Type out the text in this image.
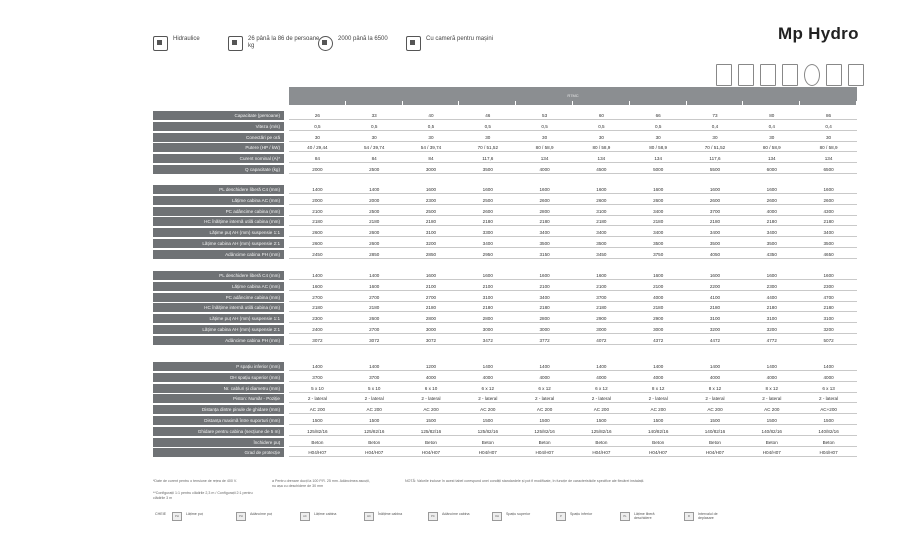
Hidraulice	26 până la 86 de persoane
kg
2000 până la 6500	Cu cameră pentru mașini	Mp Hydro
R7MC
Capacitate (persoane)	26	33	40	46	53	60	66	73	80	86
Viteza (m/s)	0,5	0,5	0,5	0,5	0,5	0,5	0,5	0,4	0,4	0,4
Conectări pe oră	30	30	30	30	30	30	30	30	30	30
Putere (HP / kW)	40 / 29,44	54 / 39,74	54 / 39,74	70 / 51,52	80 / 58,9	80 / 58,9	80 / 58,9	70 / 51,52	80 / 58,9	80 / 58,9
Curent nominal (A)*	84	84	84	117,6	134	134	134	117,6	134	134
Q capacitate (kg)	2000	2500	3000	3500	4000	4500	5000	5500	6000	6500
PL deschidere liberă C4 (mm)	1400	1400	1600	1600	1600	1600	1600	1600	1600	1600
Lățime cabina AC (mm)	2000	2000	2300	2500	2600	2600	2600	2600	2600	2600
PC adâncime cabina (mm)	2100	2500	2500	2600	2800	3100	3400	3700	4000	4300
HC înălțime internă utilă cabina (mm)	2180	2180	2180	2180	2180	2180	2180	2180	2180	2180
Lățime puț AH (mm) suspensie 1:1	2600	2600	3100	3300	3400	3400	3400	3400	3400	3400
Lățime cabina AH (mm) suspensie 2:1	2600	2600	3200	3400	3500	3500	3500	3500	3500	3500
Adâncime cabina PH (mm)	2450	2850	2850	2950	3150	3450	3750	4050	4350	4650
PL deschidere liberă C4 (mm)	1400	1400	1600	1600	1600	1600	1600	1600	1600	1600
Lățime cabina AC (mm)	1600	1600	2100	2100	2100	2100	2100	2200	2300	2300
PC adâncime cabina (mm)	2700	2700	2700	3100	3400	3700	4000	4100	4400	4700
HC înălțime internă utilă cabina (mm)	2180	2180	2180	2180	2180	2180	2180	2180	2180	2180
Lățime puț AH (mm) suspensie 1:1	2300	2600	2800	2800	2800	2900	2900	3100	3100	3100
Lățime cabina AH (mm) suspensie 2:1	2400	2700	3000	3000	3000	3000	3000	3200	3200	3200
Adâncime cabina PH (mm)	3072	3072	3072	3472	3772	4072	4372	4472	4772	5072
P spațiu inferior (mm)	1400	1400	1200	1400	1400	1400	1400	1400	1400	1400
OH spațiu superior (mm)	3700	3700	4000	4000	4000	4000	4000	4000	4000	4000
Nr. cabluri și diametru (mm)	5 x 10	5 x 10	6 x 10	6 x 12	6 x 12	6 x 12	8 x 12	8 x 12	8 x 12	6 x 13
Piston: Număr - Poziție	2 - lateral	2 - lateral	2 - lateral	2 - lateral	2 - lateral	2 - lateral	2 - lateral	2 - lateral	2 - lateral	2 - lateral
Distanța dintre pinule de ghidare (mm)	AC 200	AC 200	AC 200	AC 200	AC 200	AC 200	AC 200	AC 200	AC 200	AC+200
Distanța maximă între suporturi (mm)	1500	1500	1500	1500	1500	1500	1500	1500	1500	1500
Ghidare pentru cabina (secțiune de 5 m)	125/82/16	125/82/16	125/82/16	125/82/16	125/82/16	125/82/16	140/82/16	140/82/16	140/82/16	140/82/16
Închidere puț	Beton	Beton	Beton	Beton	Beton	Beton	Beton	Beton	Beton	Beton
Grad de protecție	H04/H07	H04/H07	H04/H07	H04/H07	H04/H07	H04/H07	H04/H07	H04/H07	H04/H07	H04/H07
*Date de curent pentru o tensiune de rețea de 400 V.
**Configurații 1:1 pentru clădirile 2,3 m / Configurații 2:1 pentru clădirile 3 m
a Pentru drenare ducți la 100 P.R. 25 mm. Adâncimea ascuții, nu așa cu deschidere de 30 mm
NOTĂ: Valorile incluse în acest tabel corespund unei condiții standardele și pot fi modificate, în funcție de caracteristicile specifice ale fiecărei instalații.
CHEIE
PH
Lățime puț
PH
Adâncime puț
AC
Lățime cabina
HC
Înălțime cabina
PC
Adâncime cabina
OH
Spațiu superior
P
Spațiu inferior
PL
Lățime liberă deschidere	R
Intervalul de deplasare
